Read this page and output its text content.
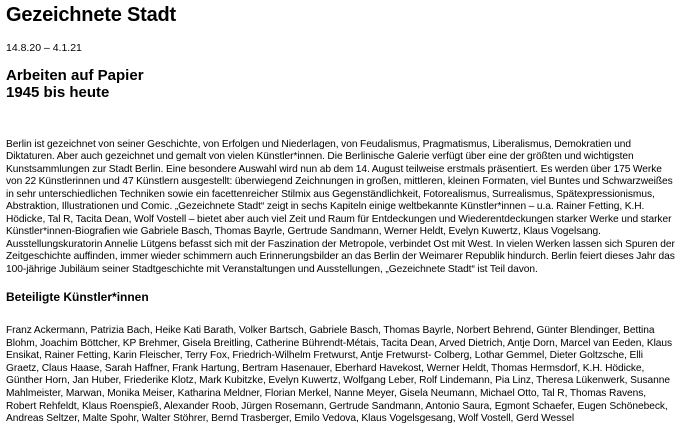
Gezeichnete Stadt
14.8.20 – 4.1.21
Arbeiten auf Papier
1945 bis heute
Berlin ist gezeichnet von seiner Geschichte, von Erfolgen und Niederlagen, von Feudalismus, Pragmatismus, Liberalismus, Demokratien und Diktaturen. Aber auch gezeichnet und gemalt von vielen Künstler*innen. Die Berlinische Galerie verfügt über eine der größten und wichtigsten Kunstsammlungen zur Stadt Berlin. Eine besondere Auswahl wird nun ab dem 14. August teilweise erstmals präsentiert. Es werden über 175 Werke von 22 Künstlerinnen und 47 Künstlern ausgestellt: überwiegend Zeichnungen in großen, mittleren, kleinen Formaten, viel Buntes und Schwarzweißes in sehr unterschiedlichen Techniken sowie ein facettenreicher Stilmix aus Gegenständlichkeit, Fotorealismus, Surrealismus, Spätexpressionismus, Abstraktion, Illustrationen und Comic. „Gezeichnete Stadt“ zeigt in sechs Kapiteln einige weltbekannte Künstler*innen – u.a. Rainer Fetting, K.H. Hödicke, Tal R, Tacita Dean, Wolf Vostell – bietet aber auch viel Zeit und Raum für Entdeckungen und Wiederentdeckungen starker Werke und starker Künstler*innen-Biografien wie Gabriele Basch, Thomas Bayrle, Gertrude Sandmann, Werner Heldt, Evelyn Kuwertz, Klaus Vogelsang. Ausstellungskuratorin Annelie Lütgens befasst sich mit der Faszination der Metropole, verbindet Ost mit West. In vielen Werken lassen sich Spuren der Zeitgeschichte auffinden, immer wieder schimmern auch Erinnerungsbilder an das Berlin der Weimarer Republik hindurch. Berlin feiert dieses Jahr das 100-jährige Jubiläum seiner Stadtgeschichte mit Veranstaltungen und Ausstellungen, „Gezeichnete Stadt“ ist Teil davon.
Beteiligte Künstler*innen
Franz Ackermann, Patrizia Bach, Heike Kati Barath, Volker Bartsch, Gabriele Basch, Thomas Bayrle, Norbert Behrend, Günter Blendinger, Bettina Blohm, Joachim Böttcher, KP Brehmer, Gisela Breitling, Catherine Bührendt-Métais, Tacita Dean, Arved Dietrich, Antje Dorn, Marcel van Eeden, Klaus Ensikat, Rainer Fetting, Karin Fleischer, Terry Fox, Friedrich-Wilhelm Fretwurst, Antje Fretwurst- Colberg, Lothar Gemmel, Dieter Goltzsche, Elli Graetz, Claus Haase, Sarah Haffner, Frank Hartung, Bertram Hasenauer, Eberhard Havekost, Werner Heldt, Thomas Hermsdorf, K.H. Hödicke, Günther Horn, Jan Huber, Friederike Klotz, Mark Kubitzke, Evelyn Kuwertz, Wolfgang Leber, Rolf Lindemann, Pia Linz, Theresa Lükenwerk, Susanne Mahlmeister, Marwan, Monika Meiser, Katharina Meldner, Florian Merkel, Nanne Meyer, Gisela Neumann, Michael Otto, Tal R, Thomas Ravens, Robert Rehfeldt, Klaus Roenspieß, Alexander Roob, Jürgen Rosemann, Gertrude Sandmann, Antonio Saura, Egmont Schaefer, Eugen Schönebeck, Andreas Seltzer, Malte Spohr, Walter Stöhrer, Bernd Trasberger, Emilo Vedova, Klaus Vogelsgesang, Wolf Vostell, Gerd Wessel
